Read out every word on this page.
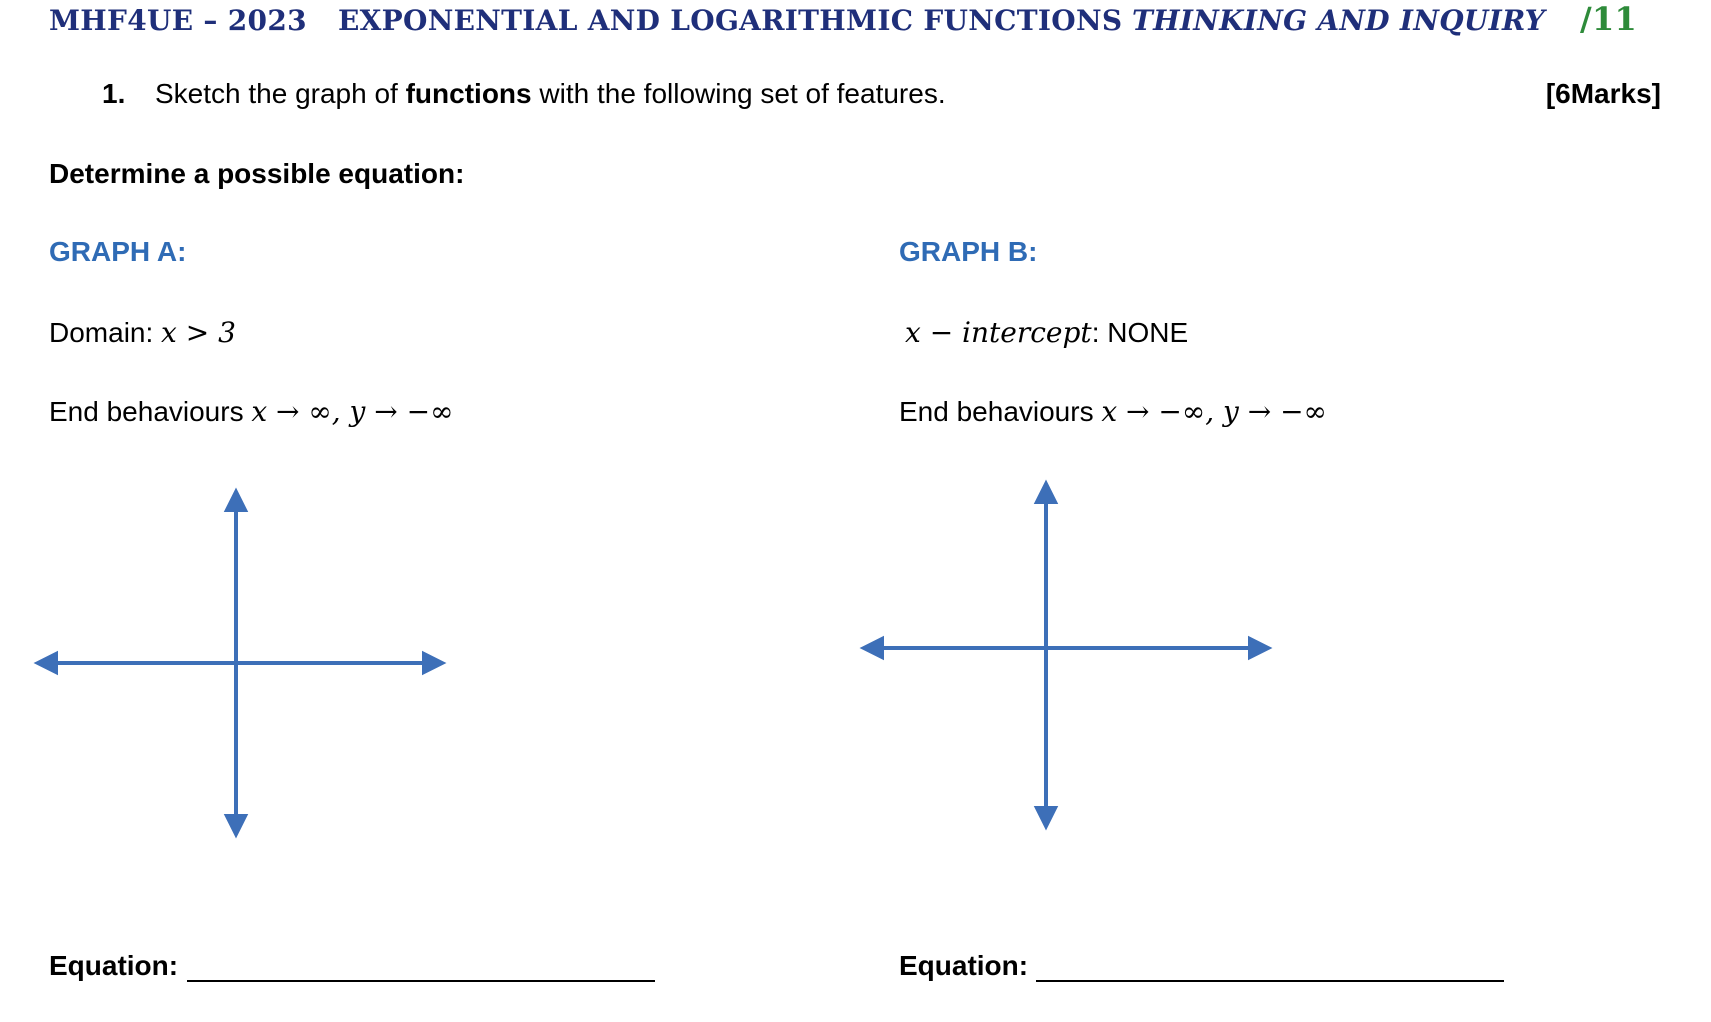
MHF4UE – 2023 EXPONENTIAL AND LOGARITHMIC FUNCTIONS THINKING AND INQUIRY /11
1. Sketch the graph of functions with the following set of features.	[6Marks]
Determine a possible equation:
GRAPH A:
Domain: x > 3
End behaviours x → ∞, y → −∞
Equation:
GRAPH B:
x − intercept: NONE
End behaviours x → −∞, y → −∞
Equation:
